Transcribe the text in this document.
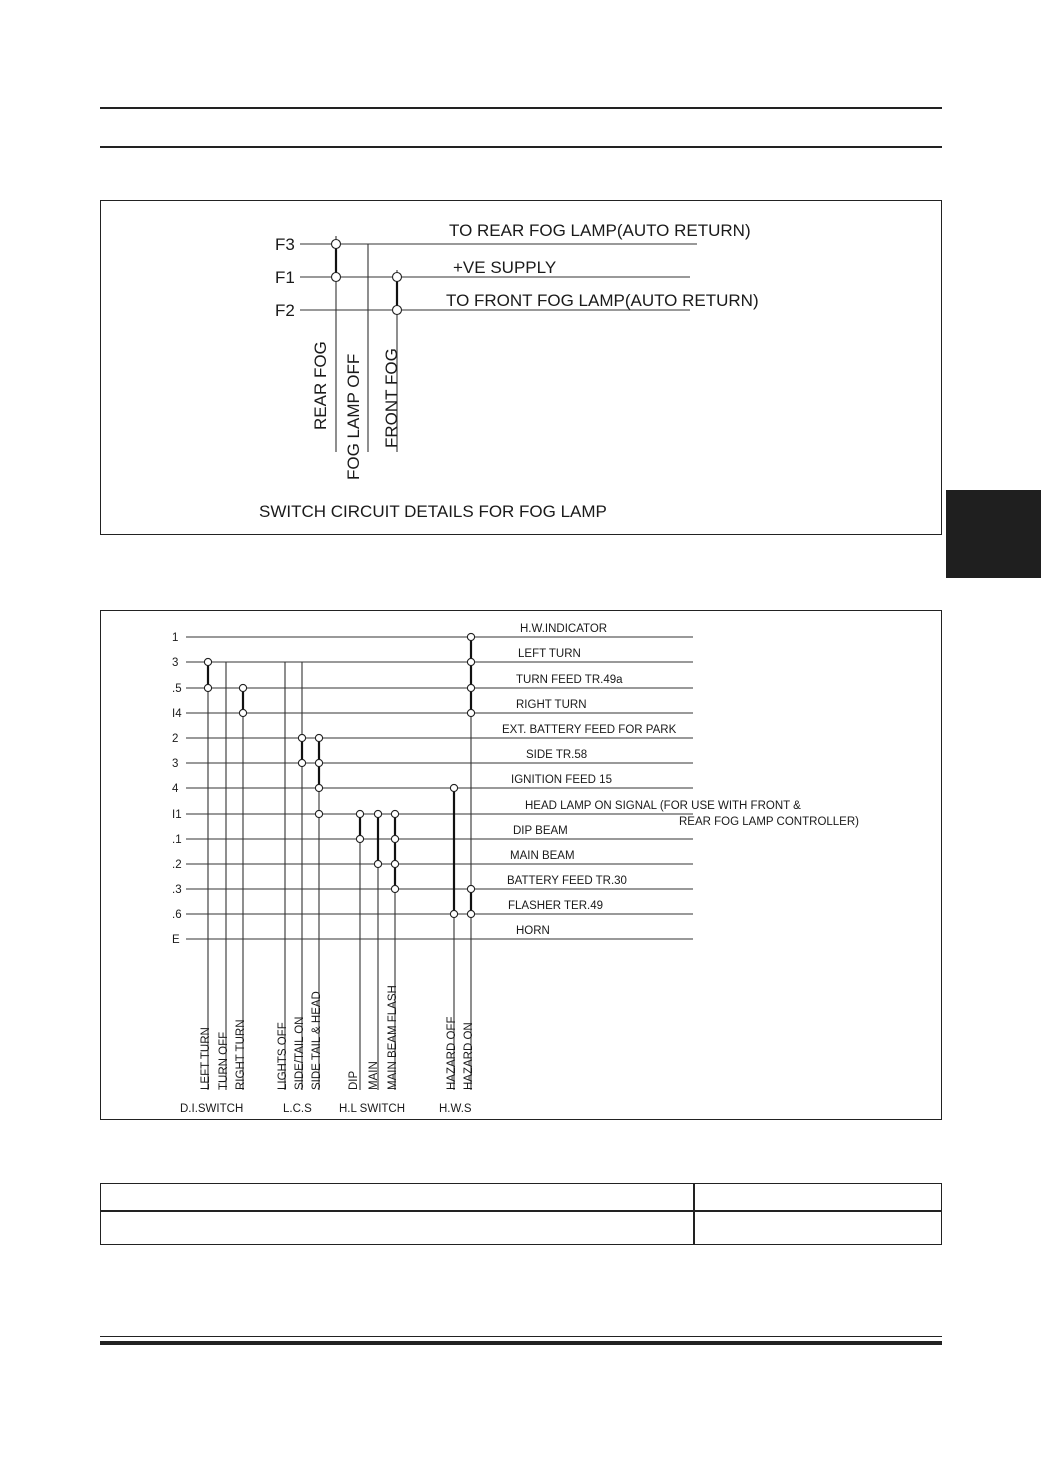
F3
F1
F2
TO REAR FOG LAMP(AUTO RETURN)
+VE SUPPLY
TO FRONT FOG LAMP(AUTO RETURN)
REAR FOG FOG LAMP OFF FRONT FOG
SWITCH CIRCUIT DETAILS FOR FOG LAMP
1
H.W.INDICATOR
3
LEFT TURN
.5
TURN FEED TR.49a
I4
RIGHT TURN
2
EXT. BATTERY FEED FOR PARK
3
SIDE TR.58
4
IGNITION FEED 15
I1
HEAD LAMP ON SIGNAL (FOR USE WITH FRONT &
.1
DIP BEAM
.2
MAIN BEAM
.3
BATTERY FEED TR.30
.6
FLASHER TER.49
E
HORN
REAR FOG LAMP CONTROLLER)
LEFT TURN TURN OFF RIGHT TURN	LIGHTS OFF SIDE/TAIL ON SIDE TAIL & HEAD DIP MAIN MAIN BEAM FLASH	HAZARD OFF HAZARD ON
D.I.SWITCH	L.C.S H.L SWITCH	H.W.S
